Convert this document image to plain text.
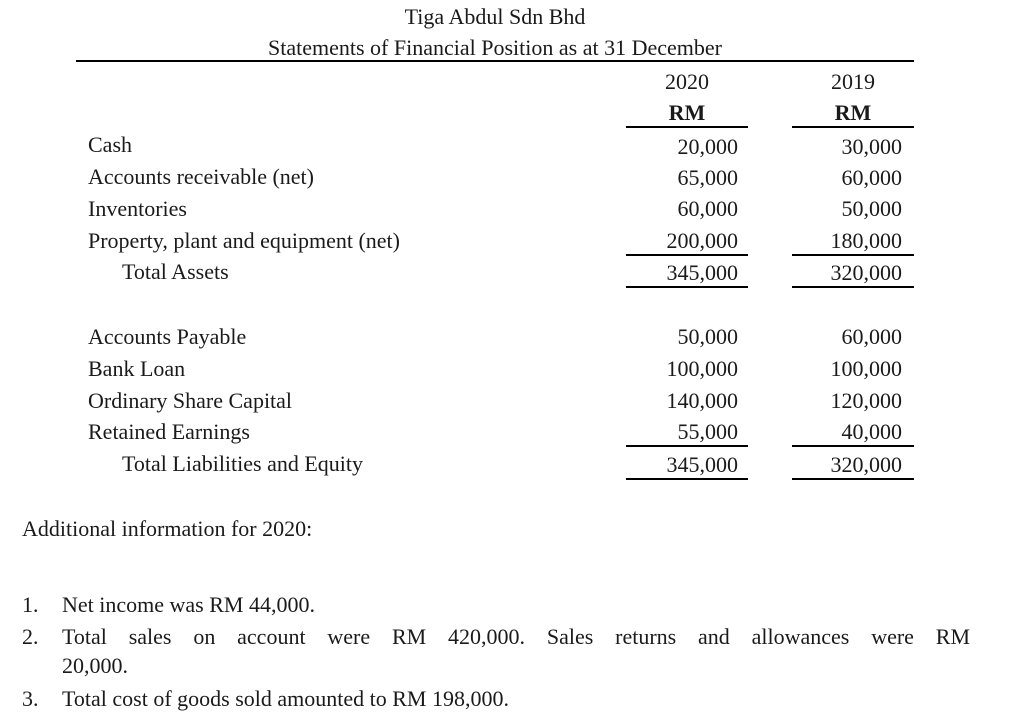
Tiga Abdul Sdn Bhd
Statements of Financial Position as at 31 December
2020	2019
RM	RM
Cash	20,000	30,000
Accounts receivable (net)	65,000	60,000
Inventories	60,000	50,000
Property, plant and equipment (net)	200,000	180,000
Total Assets	345,000	320,000
Accounts Payable	50,000	60,000
Bank Loan	100,000	100,000
Ordinary Share Capital	140,000	120,000
Retained Earnings	55,000	40,000
Total Liabilities and Equity	345,000	320,000
Additional information for 2020:
1. Net income was RM 44,000.
2. Total sales on account were RM 420,000. Sales returns and allowances were RM
20,000.
3. Total cost of goods sold amounted to RM 198,000.
